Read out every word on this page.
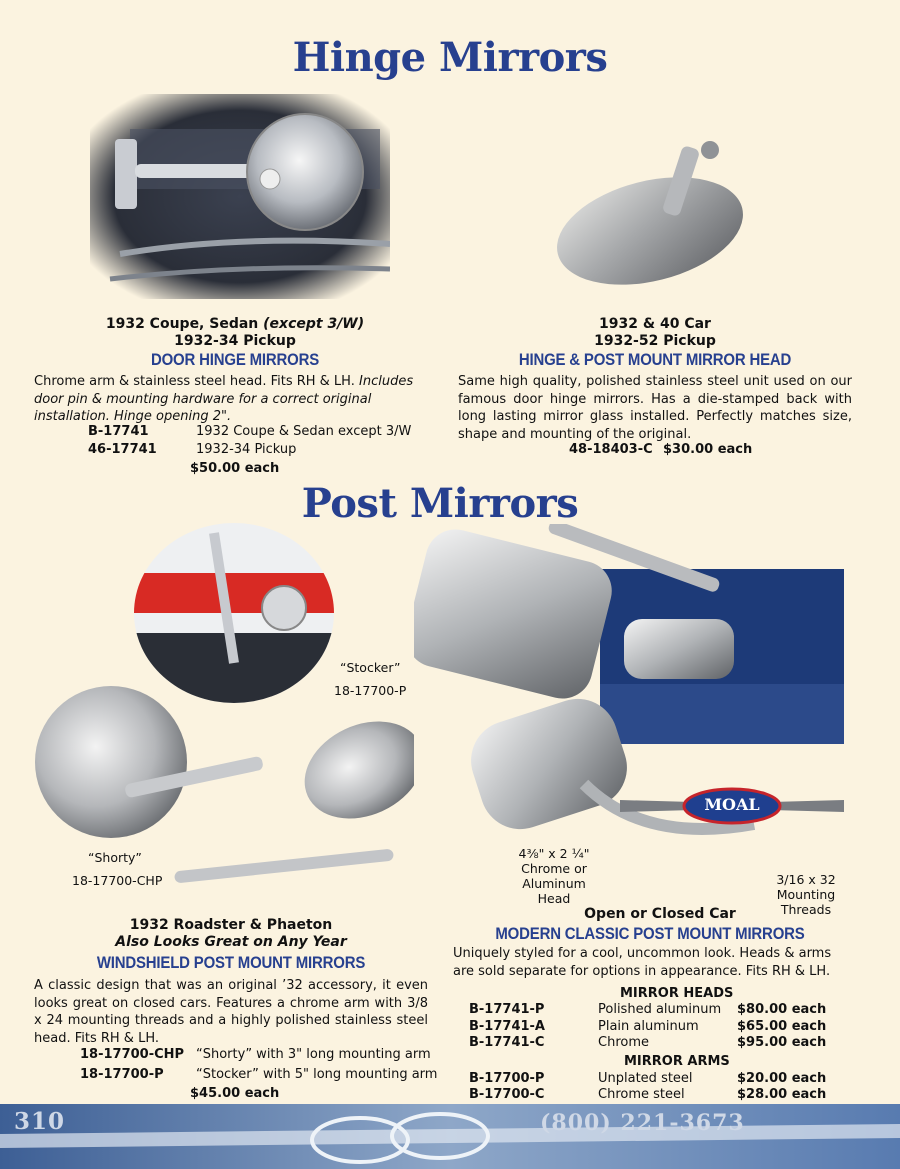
Hinge Mirrors
1932 Coupe, Sedan (except 3/W)
1932-34 Pickup
DOOR HINGE MIRRORS
Chrome arm & stainless steel head. Fits RH & LH. Includes door pin & mounting hardware for a correct original installation. Hinge opening 2".
B-17741	1932 Coupe & Sedan except 3/W
46-17741	1932-34 Pickup
$50.00 each
1932 & 40 Car
1932-52 Pickup
HINGE & POST MOUNT MIRROR HEAD
Same high quality, polished stainless steel unit used on our famous door hinge mirrors. Has a die-stamped back with long lasting mirror glass installed. Perfectly matches size, shape and mounting of the original.
48-18403-C $30.00 each
Post Mirrors
“Stocker”
18-17700-P
“Shorty”
18-17700-CHP
MOAL
4⅜" x 2 ¼"
Chrome or
Aluminum
Head
3/16 x 32
Mounting
Threads
1932 Roadster & Phaeton
Also Looks Great on Any Year
WINDSHIELD POST MOUNT MIRRORS
A classic design that was an original ’32 accessory, it even looks great on closed cars. Features a chrome arm with 3/8 x 24 mounting threads and a highly polished stainless steel head. Fits RH & LH.
18-17700-CHP “Shorty” with 3" long mounting arm
18-17700-P “Stocker” with 5" long mounting arm
$45.00 each
Open or Closed Car
MODERN CLASSIC POST MOUNT MIRRORS
Uniquely styled for a cool, uncommon look. Heads & arms are sold separate for options in appearance. Fits RH & LH.
MIRROR HEADS
B-17741-P	Polished aluminum $80.00 each
B-17741-A	Plain aluminum	$65.00 each
B-17741-C	Chrome	$95.00 each
MIRROR ARMS
B-17700-P	Unplated steel	$20.00 each
B-17700-C	Chrome steel	$28.00 each
310	(800) 221-3673
